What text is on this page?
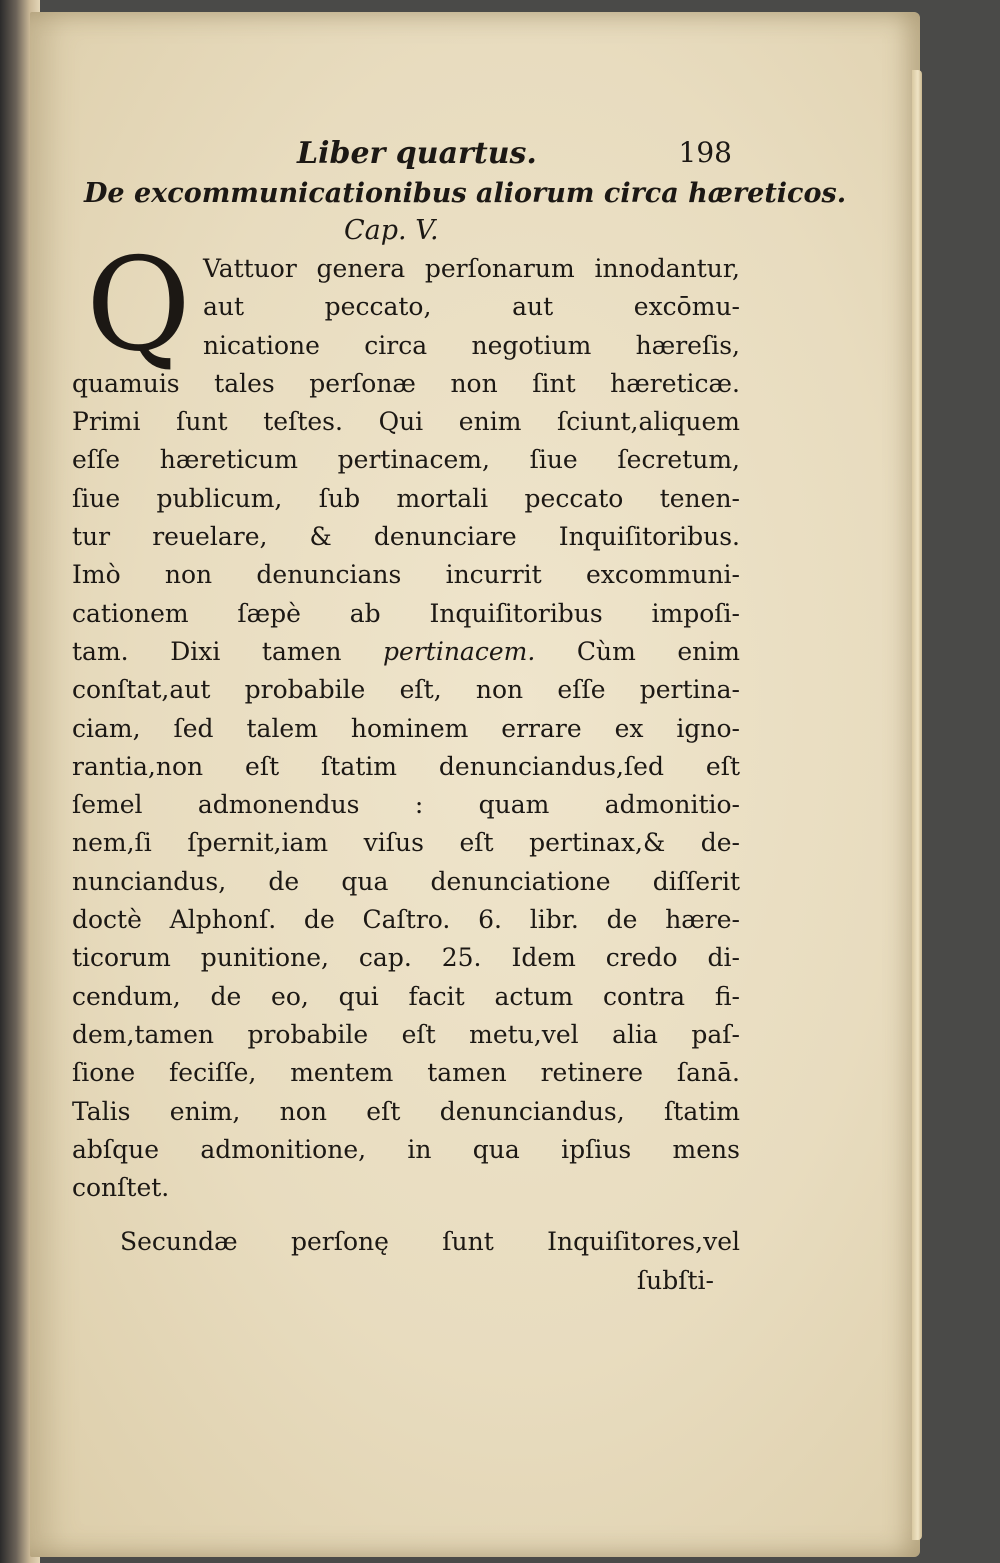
Liber quartus.	198
De excommunicationibus aliorum circa hæreticos.
Cap. V.
Q Vattuor genera perſonarum innodantur, aut peccato, aut excōmu-
nicatione circa negotium hæreſis,
quamuis tales perſonæ non ſint hæreticæ.
Primi ſunt teſtes. Qui enim ſciunt,aliquem
eſſe hæreticum pertinacem, ſiue ſecretum,
ſiue publicum, ſub mortali peccato tenen-
tur reuelare, & denunciare Inquiſitoribus.
Imò non denuncians incurrit excommuni-
cationem ſæpè ab Inquiſitoribus impoſi-
tam. Dixi tamen pertinacem. Cùm enim
conſtat,aut probabile eſt, non eſſe pertina-
ciam, ſed talem hominem errare ex igno-
rantia,non eſt ſtatim denunciandus,ſed eſt
ſemel admonendus : quam admonitio-
nem,ſi ſpernit,iam viſus eſt pertinax,& de-
nunciandus, de qua denunciatione diſſerit
doctè Alphonſ. de Caſtro. 6. libr. de hære-
ticorum punitione, cap. 25. Idem credo di-
cendum, de eo, qui facit actum contra fi-
dem,tamen probabile eſt metu,vel alia paſ-
ſione feciſſe, mentem tamen retinere ſanā.
Talis enim, non eſt denunciandus, ſtatim
abſque admonitione, in qua ipſius mens
conſtet.
Secundæ perſonę ſunt Inquiſitores,vel
ſubſti-
